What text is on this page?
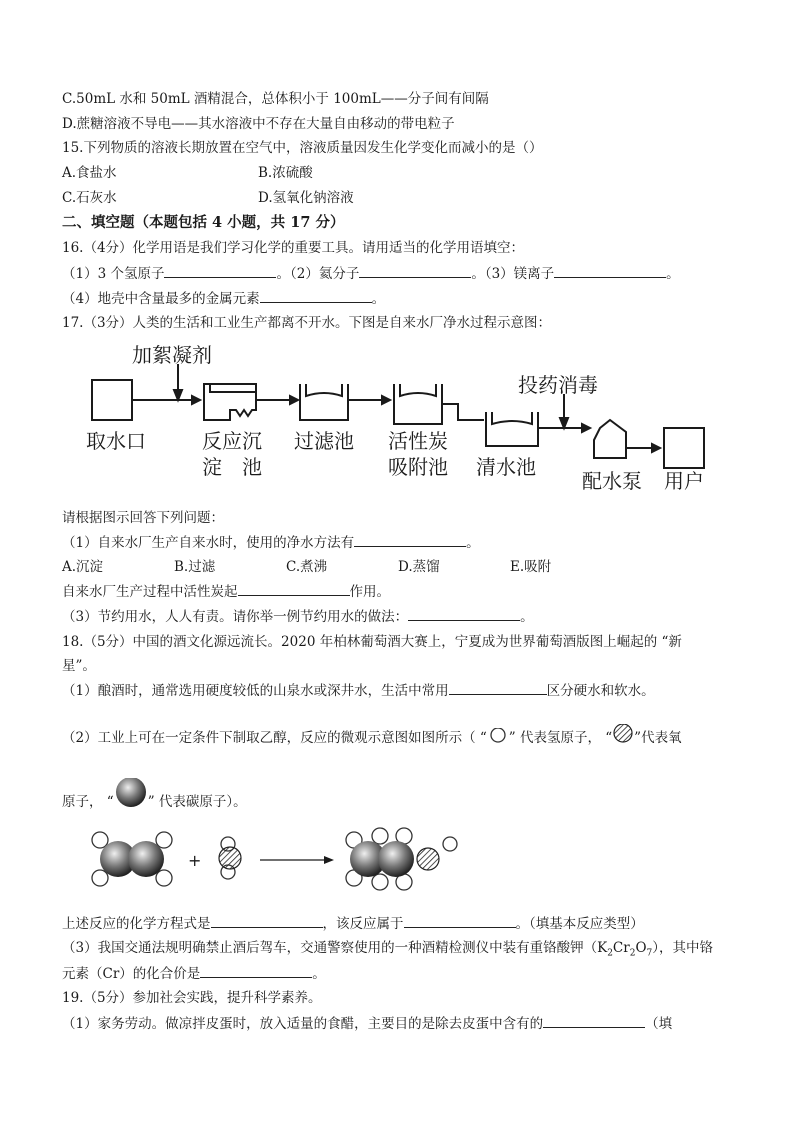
C.50mL 水和 50mL 酒精混合，总体积小于 100mL——分子间有间隔
D.蔗糖溶液不导电——其水溶液中不存在大量自由移动的带电粒子
15.下列物质的溶液长期放置在空气中，溶液质量因发生化学变化而减小的是（）
A.食盐水	B.浓硫酸
C.石灰水	D.氢氧化钠溶液
二、填空题（本题包括 4 小题，共 17 分）
16.（4分）化学用语是我们学习化学的重要工具。请用适当的化学用语填空：
（1）3 个氢原子	。（2）氦分子	。（3）镁离子	。
（4）地壳中含量最多的金属元素	。
17.（3分）人类的生活和工业生产都离不开水。下图是自来水厂净水过程示意图：
加絮凝剂
投药消毒
取水口	反应沉
淀　池
过滤池 活性炭
吸附池 清水池
配水泵 用户
请根据图示回答下列问题：
（1）自来水厂生产自来水时，使用的净水方法有	。
A.沉淀	B.过滤	C.煮沸	D.蒸馏	E.吸附
自来水厂生产过程中活性炭起	作用。
（3）节约用水，人人有责。请你举一例节约用水的做法：	。
18.（5分）中国的酒文化源远流长。2020 年柏林葡萄酒大赛上，宁夏成为世界葡萄酒版图上崛起的 “新
星”。
（1）酿酒时，通常选用硬度较低的山泉水或深井水，生活中常用	区分硬水和软水。
（2）工业上可在一定条件下制取乙醇，反应的微观示意图如图所示（ “ ” 代表氢原子， “ ”代表氧
原子， “	” 代表碳原子）。
+
上述反应的化学方程式是	，该反应属于	。（填基本反应类型）
（3）我国交通法规明确禁止酒后驾车，交通警察使用的一种酒精检测仪中装有重铬酸钾$(K_2Cr_2O_7)$，其中铬
元素（Cr）的化合价是	。
19.（5分）参加社会实践，提升科学素养。
（1）家务劳动。做凉拌皮蛋时，放入适量的食醋，主要目的是除去皮蛋中含有的	（填
